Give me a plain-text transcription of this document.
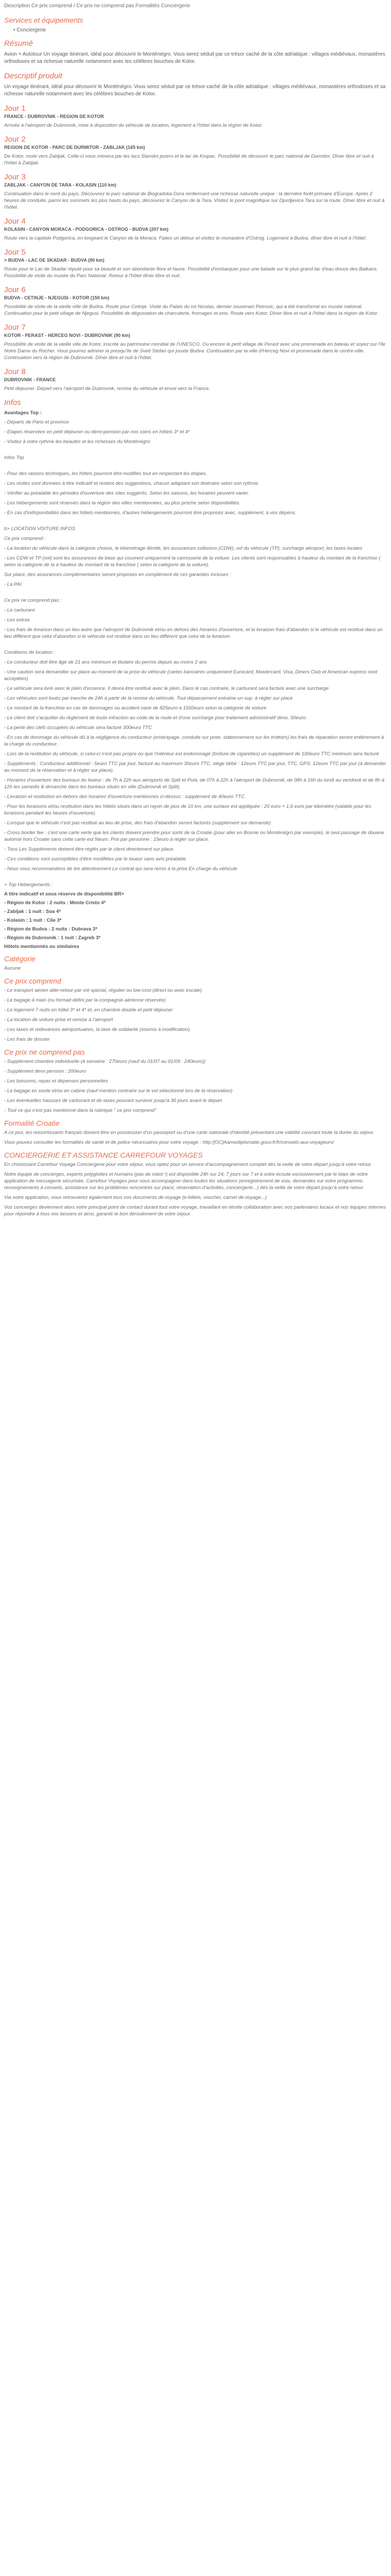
Description Ce prix comprend / Ce prix ne comprend pas Formalités Conciergerie
Services et équipements
• Conciergerie
Résumé
Avion + Autotour Un voyage itinérant, idéal pour découvrir le Monténégro. Vous serez séduit par ce trésor caché de la côte adriatique : villages médiévaux, monastères orthodoxes et sa richesse naturelle notamment avec les célèbres bouches de Kotor.
Descriptif produit
Un voyage itinérant, idéal pour découvrir le Monténégro. Vous serez séduit par ce trésor caché de la côte adriatique : villages médiévaux, monastères orthodoxes et sa richesse naturelle notamment avec les célèbres bouches de Kotor.
Jour 1
FRANCE - DUBROVNIK - REGION DE KOTOR
Arrivée à l'aéroport de Dubrovnik, mise à disposition du véhicule de location, logement à l'hôtel dans la région de Kotor.
Jour 2
REGION DE KOTOR - PARC DE DURMITOR - ZABLJAK (165 km)
De Kotor, route vers Zabljak. Celle-ci vous mènera par les lacs Slansko jezero et le lac de Krupac. Possibilité de découvrir le parc national de Durmitor. Dîner libre et nuit à l'hôtel à Zabljak.
Jour 3
ZABLJAK - CANYON DE TARA - KOLASIN (110 km)
Continuation dans le nord du pays. Découvrez le parc national de Biogradska Gora renfermant une richesse naturelle unique : la dernière forêt primaire d'Europe. Après 2 heures de conduite, parmi les sommets les plus hauts du pays, découvrez le Canyon de la Tara. Visitez le pont magnifique sur Djurdjevica Tara sur la route. Dîner libre et nuit à l'hôtel.
Jour 4
KOLASIN - CANYON MORACA - PODGORICA - OSTROG - BUDVA (207 km)
Route vers la capitale Podgorica, en longeant le Canyon de la Moraca. Faites un détour et visitez le monastère d'Ostrog. Logement à Budva, dîner libre et nuit à l'hôtel.
Jour 5
> BUDVA - LAC DE SKADAR - BUDVA (90 km)
Route pour le Lac de Skadar réputé pour sa beauté et son abondante flore et faune. Possibilité d'embarquer pour une balade sur le plus grand lac d'eau douce des Balkans. Possibilité de visite du musée du Parc National. Retour à l'hôtel dîner libre et nuit.
Jour 6
BUDVA - CETINJE - NJEGUSI - KOTOR (150 km)
Possibilité de visite de la vieille ville de Budva. Route pour Cetinje. Visite du Palais du roi Nicolas, dernier souverain Petrovic, qui a été transformé en musée national. Continuation pour le petit village de Njegusi. Possibilité de dégustation de charcuterie, fromages et vins. Route vers Kotor. Dîner libre et nuit à l'hôtel dans la région de Kotor.
Jour 7
KOTOR - PERAST - HERCEG NOVI - DUBROVNIK (90 km)
Possibilité de visite de la vieille ville de Kotor, inscrite au patrimoine mondial de l'UNESCO. Ou encore le petit village de Perast avec une promenade en bateau et soyez sur l'île Notre Dame du Rocher. Vous pourrez admirer la presqu'île de Sveti Stefan qui jouxte Budva. Continuation par la ville d'Herceg Novi et promenade dans le centre-ville. Continuation vers la région de Dubrovnik. Dîner libre et nuit à l'hôtel.
Jour 8
DUBROVNIK - FRANCE
Petit déjeuner. Départ vers l'aéroport de Dubrovnik, remise du véhicule et envol vers la France.
Infos
Avantages Top :
- Départs de Paris et province
- Etapes réservées en petit déjeuner ou demi-pension par nos soins en hôtels 3* et 4*
- Visitez à votre rythme les beautés et les richesses du Monténégro
Infos Top
- Pour des raisons techniques, les hôtels pourront être modifiés tout en respectant les étapes.
- Les visites sont données à titre indicatif et restent des suggestions, chacun adaptant son itinéraire selon son rythme.
- Vérifier au préalable les périodes d'ouverture des sites suggérés. Selon les saisons, les horaires peuvent varier.
- Les hébergements sont réservés dans la région des villes mentionnées, au plus proche selon disponibilités.
- En cas d'indisponibilités dans les hôtels mentionnés, d'autres hébergements pourront être proposés avec, supplément, à vos dépens.
b> LOCATION VOITURE INFOS
Ce prix comprend :
- La location du véhicule dans la catégorie choisie, le kilométrage illimité, les assurances collisions (CDW), vol du véhicule (TP), surcharge aéroport, les taxes locales
- Les CDW et TP (vol) sont les assurances de base qui couvrent uniquement la carrosserie de la voiture. Les clients sont responsables à hauteur du montant de la franchise ( selon la catégorie de la à hauteur du montant de la franchise ( selon la catégorie de la voiture).
Sur place, des assurances complémentaires seront proposés en complément de ces garanties incluses :
- La PAI
Ce prix ne comprend pas :
- Le carburant
- Les extras
- Les frais de livraison dans un lieu autre que l'aéroport de Dubrovnik et/ou en dehors des horaires d'ouverture, et la livraison frais d'abandon si le véhicule est restitué dans un lieu différent que celui d'abandon si le véhicule est restitué dans un lieu différent que celui de la livraison
Conditions de location :
- Le conducteur doit être âgé de 21 ans minimum et titulaire du permis depuis au moins 2 ans
- Une caution sera demandée sur place au moment de la prise du véhicule (cartes bancaires uniquement Eurocard, Mastercard, Visa, Diners Club et American express sont acceptées)
- Le véhicule sera livré avec le plein d'essence. Il devra être restitué avec le plein. Dans le cas contraire, le carburant sera facturé avec une surcharge
- Les véhicules sont loués par tranche de 24h à partir de la remise du véhicule. Tout dépassement entraîne un sup. à régler sur place
- Le montant de la franchise en cas de dommages ou accident varie de 825euro à 1550euro selon la catégorie de voiture
- Le client doit s'acquitter du règlement de toute infraction au code de la route et d'une surcharge pour traitement administratif dimo. 50euro.
- La perte des clefs occupées du véhicule sera facturé 300euro TTC
- En cas de dommage du véhicule dû à la négligence du conducteur (embrayage, conduite sur piste, stationnement sur les trottoirs) les frais de réparation seront entièrement à la charge du conducteur.
- Lors de la restitution du véhicule, si celui-ci n'est pas propre ou que l'intérieur est endommagé (brûlure de cigarettes) un supplément de 100euro TTC minimum sera facturé
- Suppléments : Conducteur additionnel : 5euro TTC par jour, facturé au maximum 30euro TTC, siège bébé : 12euro TTC par jour, TTC, GPS: 12euro TTC par jour (à demander au moment de la réservation et à régler sur place).
- Horaires d'ouverture des bureaux du loueur : de 7h à 22h aux aéroports de Split et Pula, de 07h à 22h à l'aéroport de Dubrovnik, de 08h à 16h du lundi au vendredi et de 8h à 12h les samedis & dimanche dans les bureaux situés en ville (Dubrovnik et Split).
- Livraison et restitution en dehors des horaires d'ouverture mentionnés ci-dessus : supplément de 40euro TTC.
- Pour les livraisons et/ou restitution dans les hôtels situés dans un rayon de plus de 10 km, une surtaxe est appliquée : 20 euro + 1,6 euro par kilomètre (valable pour les livraisons pendant les heures d'ouverture).
- Lorsque que le véhicule n'est pas restitué au lieu de prise, des frais d'abandon seront facturés (supplément sur demande)
- Cross border fee : c'est une carte verte que les clients doivent prendre pour sortir de la Croatie (pour aller en Bosnie ou Monténégro par exemple), le seul passage de douane autorisé hors Croatie sans cette carte est Neum. Prix par personne : 15euro à régler sur place.
- Tous Les Suppléments doivent être réglés par le client directement sur place.
- Ces conditions sont susceptibles d'être modifiées par le loueur sans avis préalable
- Nous vous recommandons de lire attentivement Le contrat qui sera remis à la prise En charge du véhicule
> Top Hébergements :
A titre indicatif et sous réserve de disponibilité BR>
- Région de Kotor : 2 nuits : Monte Cristo 4*
- Zabljak : 1 nuit : Soa 4*
- Kolasin : 1 nuit : Cile 3*
- Région de Budva : 2 nuits : Dubrava 3*
- Région de Dubrovnik : 1 nuit : Zagreb 3*
Hôtels mentionnés ou similaires
Catégorie
Aucune
Ce prix comprend
- Le transport aérien aller-retour par vol spécial, régulier ou low-cost (direct ou avec escale)
- Le bagage à main (ou formait défini par la compagnie aérienne réservée)
- Le logement 7 nuits en hôtel 3* et 4* et, en chambre double et petit déjeuner
- La location de voiture prise et remise à l'aéroport
- Les taxes et redevances aéroportuaires, la taxe de solidarité (soumis à modification)
- Les frais de dossier
Ce prix ne comprend pas
- Supplément chambre individuelle (à semaine : 270euro (sauf du 01/07 au 01/09 : 240euro))
- Supplément demi pension : 200euro
- Les boissons, repas et dépenses personnelles
- Le bagage en soute et/ou en cabine (sauf mention contraire sur le vol sélectionné lors de la réservation)
- Les éventuelles hausses de carburant et de taxes pouvant survenir jusqu'à 30 jours avant le départ
- Tout ce qui n'est pas mentionné dans la rubrique " ce prix comprend"
Formalité Croatie
A ce jour, les ressortissants français doivent être en possession d'un passeport ou d'une carte nationale d'identité présentant une validité couvrant toute la durée du séjour.
Vous pouvez consulter les formalités de santé et de police nécessaires pour votre voyage : http:/[OC]Aamwdiplomatie.gouv.fr/fr/conseils-aux-voyageurs/
CONCIERGERIE ET ASSISTANCE CARREFOUR VOYAGES
En choisissant Carrefour Voyage Conciergerie pour votre séjour, vous optez pour un service d'accompagnement complet dès la veille de votre départ jusqu'à votre retour.
Notre équipe de concierges, experts polyglottes et humains (pas de robot !) est disponible 24h sur 24, 7 jours sur 7 et à votre écoute exclusivement par le biais de notre application de messagerie sécurisée. Carrefour Voyages pour vous accompagner dans toutes les situations (enregistrement de voix, demandes sur votre programme, renseignements à conseils, assistance sur les problèmes rencontrés sur place, réservation d'activités, conciergerie...) dès la veille de votre départ jusqu'à votre retour.
Via notre application, vous retrouverez également tous vos documents de voyage (e-billets, voucher, carnet de voyage...)
Vos concierges deviennent alors votre principal point de contact durant tout votre voyage, travaillant en étroite collaboration avec nos partenaires locaux et nos équipes internes pour répondre à tous vos besoins et ainsi, garantir le bon déroulement de votre séjour.
